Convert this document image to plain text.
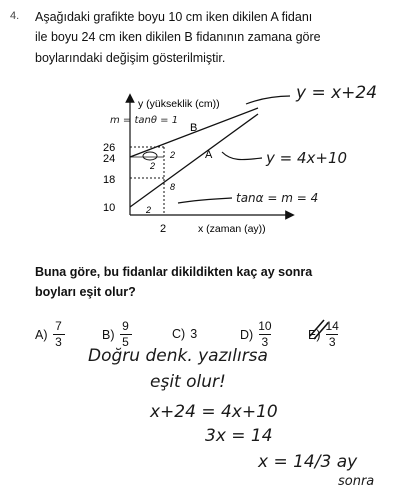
4. Aşağıdaki grafikte boyu 10 cm iken dikilen A fidanı
ile boyu 24 cm iken dikilen B fidanının zamana göre
boylarındaki değişim gösterilmiştir.
26
24
18
10
2
y (yükseklik (cm))
x (zaman (ay))
B
A
2
2
8
2
m = tanθ = 1
y = x+24
y = 4x+10
tanα = m = 4
Buna göre, bu fidanlar dikildikten kaç ay sonra
boyları eşit olur?
$A) \frac{7}{3}$	$B) \frac{9}{5}$	C) 3	$D) \frac{10}{3}$	$E) \frac{14}{3}$
Doğru denk. yazılırsa
eşit olur!
x+24 = 4x+10
3x = 14
x = 14/3 ay
sonra
